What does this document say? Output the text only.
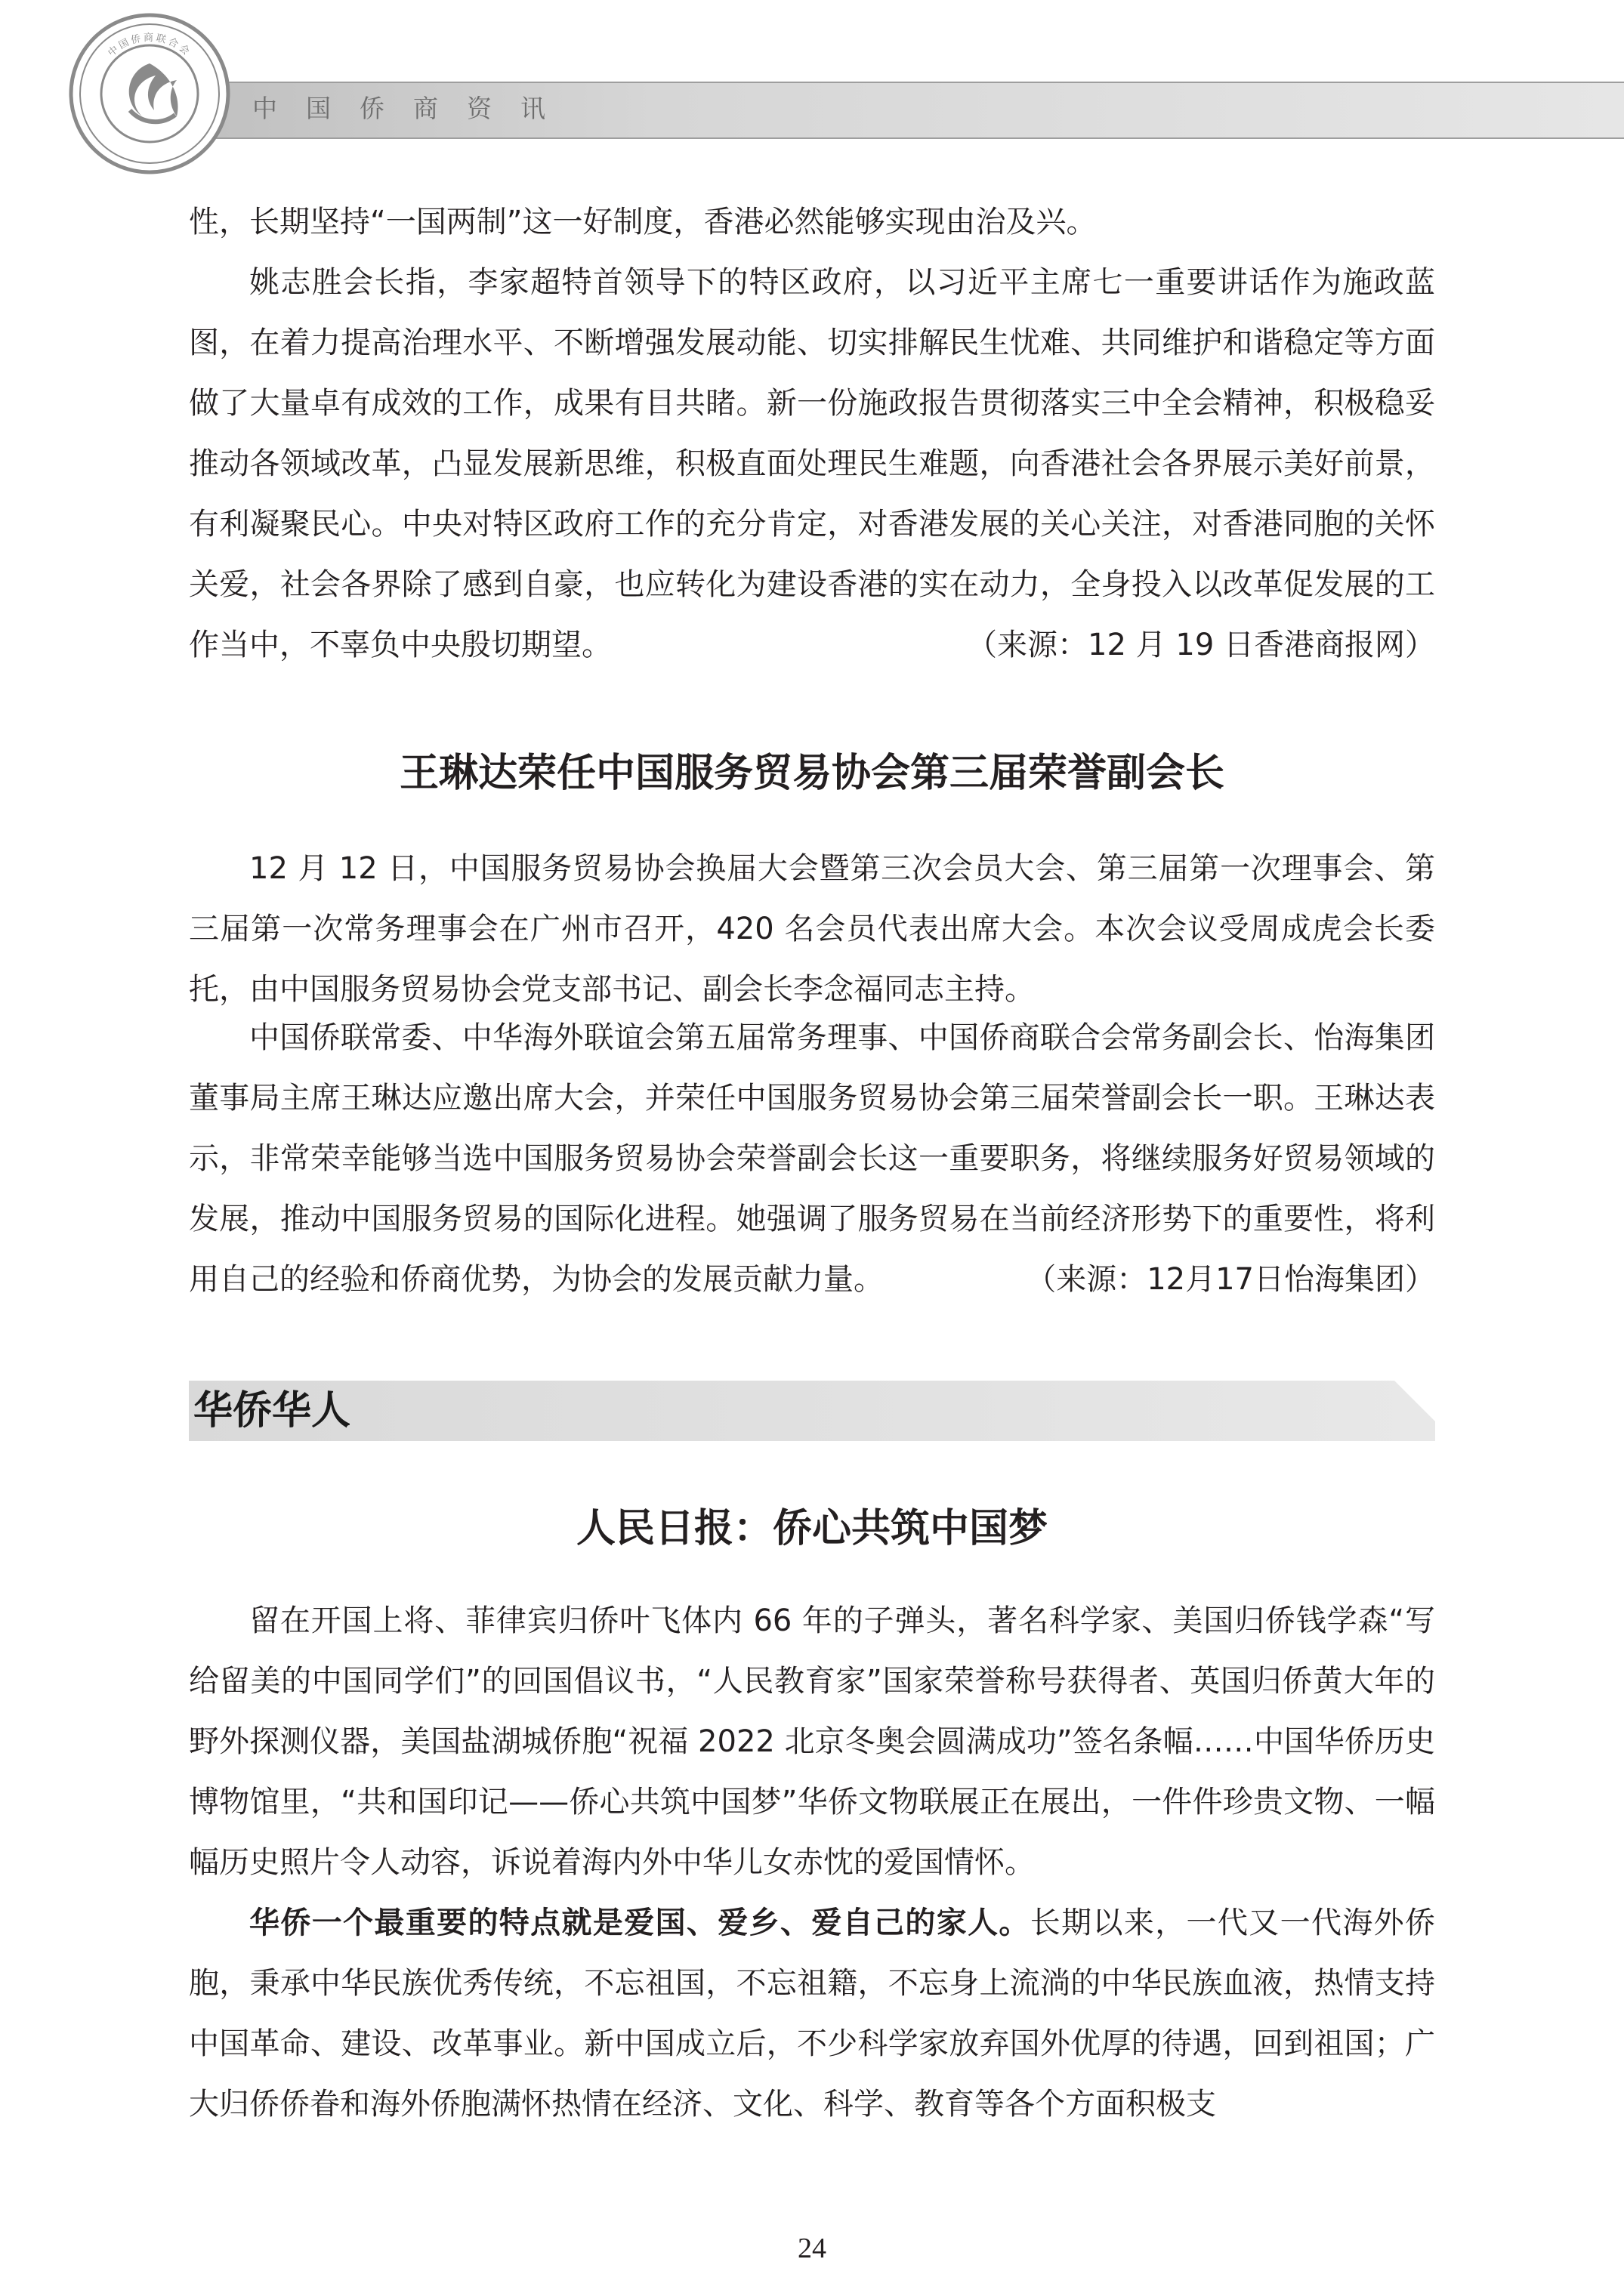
中国侨商资讯
中国侨商联合会

性，长期坚持“一国两制”这一好制度，香港必然能够实现由治及兴。

姚志胜会长指，李家超特首领导下的特区政府，以习近平主席七一重要讲话作为施政蓝图，在着力提高治理水平、不断增强发展动能、切实排解民生忧难、共同维护和谐稳定等方面做了大量卓有成效的工作，成果有目共睹。新一份施政报告贯彻落实三中全会精神，积极稳妥推动各领域改革，凸显发展新思维，积极直面处理民生难题，向香港社会各界展示美好前景，有利凝聚民心。中央对特区政府工作的充分肯定，对香港发展的关心关注，对香港同胞的关怀关爱，社会各界除了感到自豪，也应转化为建设香港的实在动力，全身投入以改革促发展的工作当中，不辜负中央殷切期望。	（来源：12 月 19 日香港商报网）

王琳达荣任中国服务贸易协会第三届荣誉副会长

12 月 12 日，中国服务贸易协会换届大会暨第三次会员大会、第三届第一次理事会、第三届第一次常务理事会在广州市召开，420 名会员代表出席大会。本次会议受周成虎会长委托，由中国服务贸易协会党支部书记、副会长李念福同志主持。

中国侨联常委、中华海外联谊会第五届常务理事、中国侨商联合会常务副会长、怡海集团董事局主席王琳达应邀出席大会，并荣任中国服务贸易协会第三届荣誉副会长一职。王琳达表示，非常荣幸能够当选中国服务贸易协会荣誉副会长这一重要职务，将继续服务好贸易领域的发展，推动中国服务贸易的国际化进程。她强调了服务贸易在当前经济形势下的重要性，将利用自己的经验和侨商优势，为协会的发展贡献力量。	（来源：12月17日怡海集团）

华侨华人
人民日报：侨心共筑中国梦

留在开国上将、菲律宾归侨叶飞体内 66 年的子弹头，著名科学家、美国归侨钱学森“写给留美的中国同学们”的回国倡议书，“人民教育家”国家荣誉称号获得者、英国归侨黄大年的野外探测仪器，美国盐湖城侨胞“祝福 2022 北京冬奥会圆满成功”签名条幅……中国华侨历史博物馆里，“共和国印记——侨心共筑中国梦”华侨文物联展正在展出，一件件珍贵文物、一幅幅历史照片令人动容，诉说着海内外中华儿女赤忱的爱国情怀。

华侨一个最重要的特点就是爱国、爱乡、爱自己的家人。长期以来，一代又一代海外侨胞，秉承中华民族优秀传统，不忘祖国，不忘祖籍，不忘身上流淌的中华民族血液，热情支持中国革命、建设、改革事业。新中国成立后，不少科学家放弃国外优厚的待遇，回到祖国；广大归侨侨眷和海外侨胞满怀热情在经济、文化、科学、教育等各个方面积极支

24
